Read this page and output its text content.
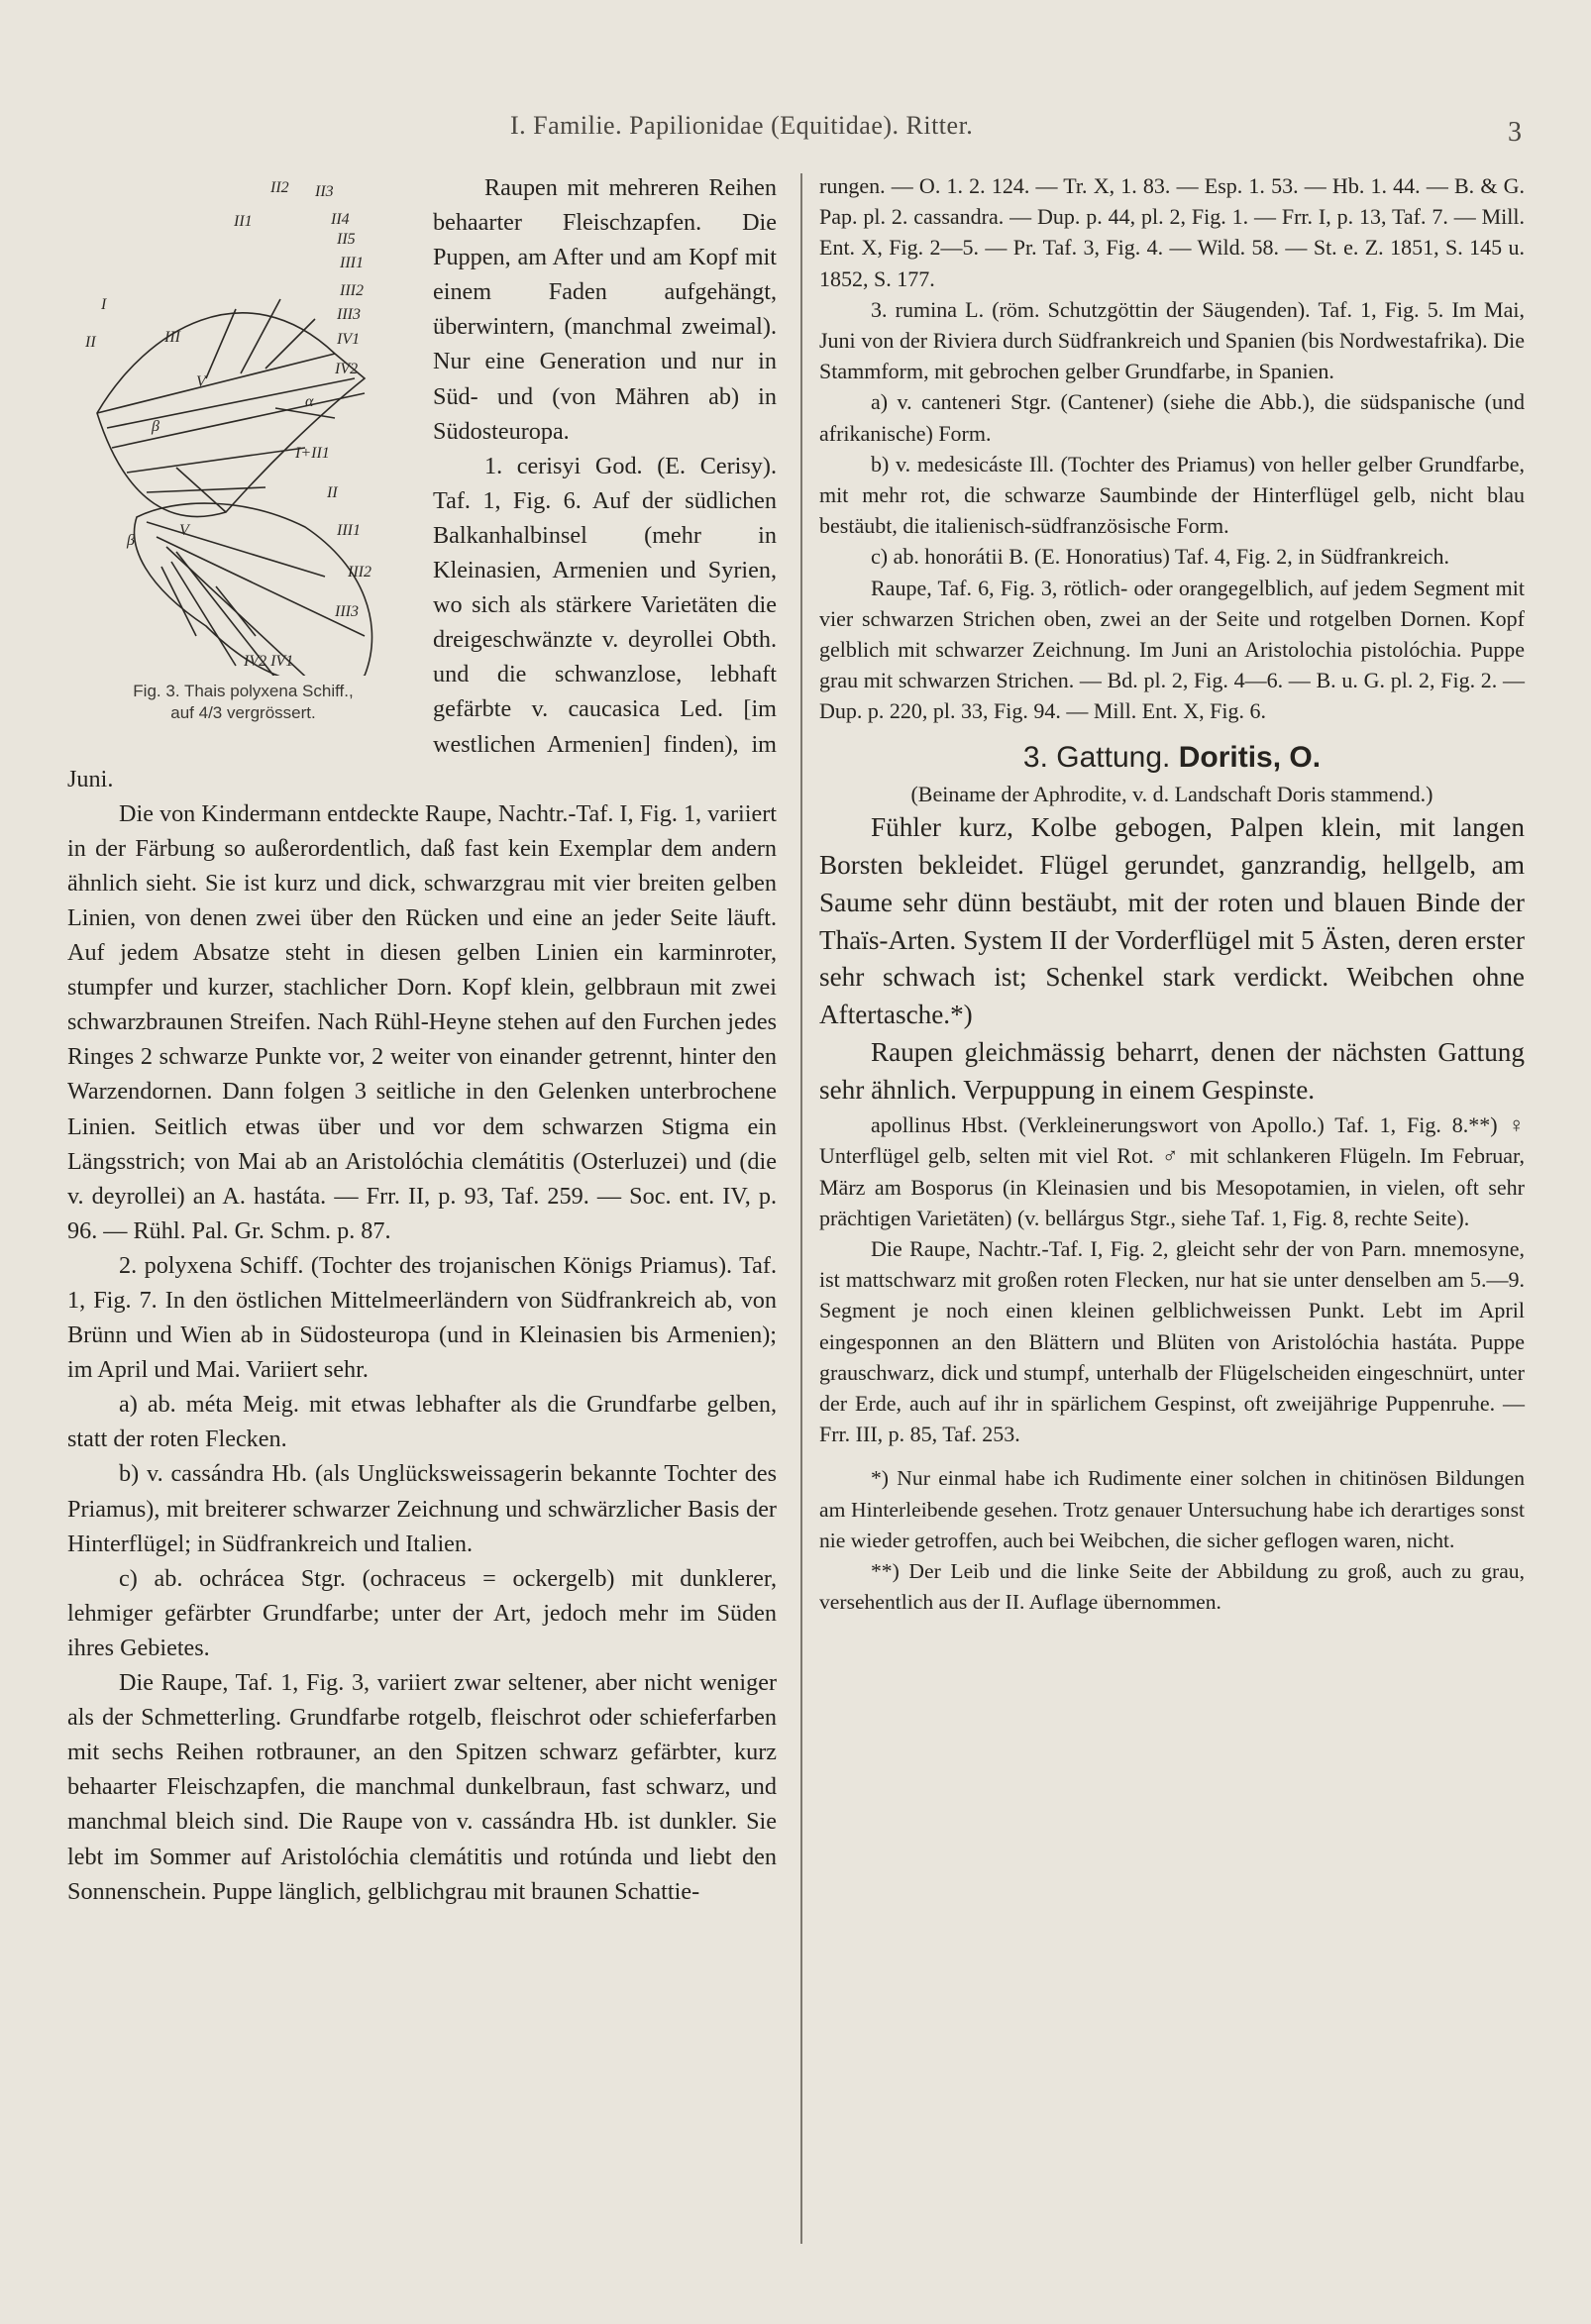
I. Familie. Papilionidae (Equitidae). Ritter.	3
II2 II3
II1	II4
II5
III1
III2
III3
IV1
I
II	III
V
IV2
α
β
I+II1
II
III1
III2
III3
V
β
IV2 IV1
Fig. 3. Thais polyxena Schiff.,
auf 4/3 vergrössert.

Raupen mit mehreren Reihen behaarter Fleischzapfen. Die Puppen, am After und am Kopf mit einem Faden aufgehängt, überwintern, (manchmal zweimal). Nur eine Generation und nur in Süd- und (von Mähren ab) in Südosteuropa.

1. cerisyi God. (E. Cerisy). Taf. 1, Fig. 6. Auf der südlichen Balkanhalbinsel (mehr in Kleinasien, Armenien und Syrien, wo sich als stärkere Varietäten die dreigeschwänzte v. deyrollei Obth. und die schwanzlose, lebhaft gefärbte v. caucasica Led. [im westlichen Armenien] finden), im Juni.

Die von Kindermann entdeckte Raupe, Nachtr.-Taf. I, Fig. 1, variiert in der Färbung so außerordentlich, daß fast kein Exemplar dem andern ähnlich sieht. Sie ist kurz und dick, schwarzgrau mit vier breiten gelben Linien, von denen zwei über den Rücken und eine an jeder Seite läuft. Auf jedem Absatze steht in diesen gelben Linien ein karminroter, stumpfer und kurzer, stachlicher Dorn. Kopf klein, gelbbraun mit zwei schwarzbraunen Streifen. Nach Rühl-Heyne stehen auf den Furchen jedes Ringes 2 schwarze Punkte vor, 2 weiter von einander getrennt, hinter den Warzendornen. Dann folgen 3 seitliche in den Gelenken unterbrochene Linien. Seitlich etwas über und vor dem schwarzen Stigma ein Längsstrich; von Mai ab an Aristolóchia clemátitis (Osterluzei) und (die v. deyrollei) an A. hastáta. — Frr. II, p. 93, Taf. 259. — Soc. ent. IV, p. 96. — Rühl. Pal. Gr. Schm. p. 87.

2. polyxena Schiff. (Tochter des trojanischen Königs Priamus). Taf. 1, Fig. 7. In den östlichen Mittelmeerländern von Südfrankreich ab, von Brünn und Wien ab in Südosteuropa (und in Kleinasien bis Armenien); im April und Mai. Variiert sehr.

a) ab. méta Meig. mit etwas lebhafter als die Grundfarbe gelben, statt der roten Flecken.

b) v. cassándra Hb. (als Unglücksweissagerin bekannte Tochter des Priamus), mit breiterer schwarzer Zeichnung und schwärzlicher Basis der Hinterflügel; in Südfrankreich und Italien.

c) ab. ochrácea Stgr. (ochraceus = ockergelb) mit dunklerer, lehmiger gefärbter Grundfarbe; unter der Art, jedoch mehr im Süden ihres Gebietes.

Die Raupe, Taf. 1, Fig. 3, variiert zwar seltener, aber nicht weniger als der Schmetterling. Grundfarbe rotgelb, fleischrot oder schieferfarben mit sechs Reihen rotbrauner, an den Spitzen schwarz gefärbter, kurz behaarter Fleischzapfen, die manchmal dunkelbraun, fast schwarz, und manchmal bleich sind. Die Raupe von v. cassándra Hb. ist dunkler. Sie lebt im Sommer auf Aristolóchia clemátitis und rotúnda und liebt den Sonnenschein. Puppe länglich, gelblichgrau mit braunen Schattie-

rungen. — O. 1. 2. 124. — Tr. X, 1. 83. — Esp. 1. 53. — Hb. 1. 44. — B. & G. Pap. pl. 2. cassandra. — Dup. p. 44, pl. 2, Fig. 1. — Frr. I, p. 13, Taf. 7. — Mill. Ent. X, Fig. 2—5. — Pr. Taf. 3, Fig. 4. — Wild. 58. — St. e. Z. 1851, S. 145 u. 1852, S. 177.

3. rumina L. (röm. Schutzgöttin der Säugenden). Taf. 1, Fig. 5. Im Mai, Juni von der Riviera durch Südfrankreich und Spanien (bis Nordwestafrika). Die Stammform, mit gebrochen gelber Grundfarbe, in Spanien.

a) v. canteneri Stgr. (Cantener) (siehe die Abb.), die südspanische (und afrikanische) Form.

b) v. medesicáste Ill. (Tochter des Priamus) von heller gelber Grundfarbe, mit mehr rot, die schwarze Saumbinde der Hinterflügel gelb, nicht blau bestäubt, die italienisch-südfranzösische Form.

c) ab. honorátii B. (E. Honoratius) Taf. 4, Fig. 2, in Südfrankreich.

Raupe, Taf. 6, Fig. 3, rötlich- oder orangegelblich, auf jedem Segment mit vier schwarzen Strichen oben, zwei an der Seite und rotgelben Dornen. Kopf gelblich mit schwarzer Zeichnung. Im Juni an Aristolochia pistolóchia. Puppe grau mit schwarzen Strichen. — Bd. pl. 2, Fig. 4—6. — B. u. G. pl. 2, Fig. 2. — Dup. p. 220, pl. 33, Fig. 94. — Mill. Ent. X, Fig. 6.

3. Gattung. Doritis, O.

(Beiname der Aphrodite, v. d. Landschaft Doris stammend.)

Fühler kurz, Kolbe gebogen, Palpen klein, mit langen Borsten bekleidet. Flügel gerundet, ganzrandig, hellgelb, am Saume sehr dünn bestäubt, mit der roten und blauen Binde der Thaïs-Arten. System II der Vorderflügel mit 5 Ästen, deren erster sehr schwach ist; Schenkel stark verdickt. Weibchen ohne Aftertasche.*)

Raupen gleichmässig beharrt, denen der nächsten Gattung sehr ähnlich. Verpuppung in einem Gespinste.

apollinus Hbst. (Verkleinerungswort von Apollo.) Taf. 1, Fig. 8.**) ♀ Unterflügel gelb, selten mit viel Rot. ♂ mit schlankeren Flügeln. Im Februar, März am Bosporus (in Kleinasien und bis Mesopotamien, in vielen, oft sehr prächtigen Varietäten) (v. bellárgus Stgr., siehe Taf. 1, Fig. 8, rechte Seite).

Die Raupe, Nachtr.-Taf. I, Fig. 2, gleicht sehr der von Parn. mnemosyne, ist mattschwarz mit großen roten Flecken, nur hat sie unter denselben am 5.—9. Segment je noch einen kleinen gelblichweissen Punkt. Lebt im April eingesponnen an den Blättern und Blüten von Aristolóchia hastáta. Puppe grauschwarz, dick und stumpf, unterhalb der Flügelscheiden eingeschnürt, unter der Erde, auch auf ihr in spärlichem Gespinst, oft zweijährige Puppenruhe. — Frr. III, p. 85, Taf. 253.

*) Nur einmal habe ich Rudimente einer solchen in chitinösen Bildungen am Hinterleibende gesehen. Trotz genauer Untersuchung habe ich derartiges sonst nie wieder getroffen, auch bei Weibchen, die sicher geflogen waren, nicht.

**) Der Leib und die linke Seite der Abbildung zu groß, auch zu grau, versehentlich aus der II. Auflage übernommen.
